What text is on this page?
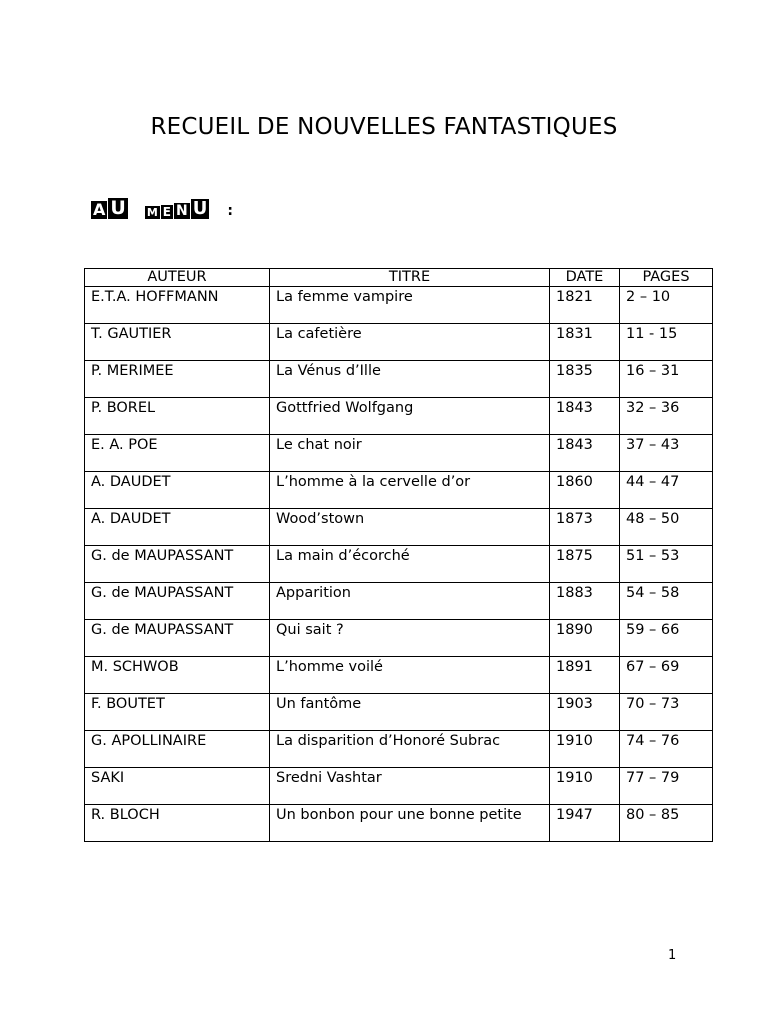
RECUEIL DE NOUVELLES FANTASTIQUES
A U M E N U :
AUTEUR	TITRE	DATE	PAGES
E.T.A. HOFFMANN	La femme vampire	1821	2 – 10
T. GAUTIER	La cafetière	1831	11 - 15
P. MERIMEE	La Vénus d’Ille	1835	16 – 31
P. BOREL	Gottfried Wolfgang	1843	32 – 36
E. A. POE	Le chat noir	1843	37 – 43
A. DAUDET	L’homme à la cervelle d’or	1860	44 – 47
A. DAUDET	Wood’stown	1873	48 – 50
G. de MAUPASSANT	La main d’écorché	1875	51 – 53
G. de MAUPASSANT	Apparition	1883	54 – 58
G. de MAUPASSANT	Qui sait ?	1890	59 – 66
M. SCHWOB	L’homme voilé	1891	67 – 69
F. BOUTET	Un fantôme	1903	70 – 73
G. APOLLINAIRE	La disparition d’Honoré Subrac	1910	74 – 76
SAKI	Sredni Vashtar	1910	77 – 79
R. BLOCH	Un bonbon pour une bonne petite	1947	80 – 85
1
